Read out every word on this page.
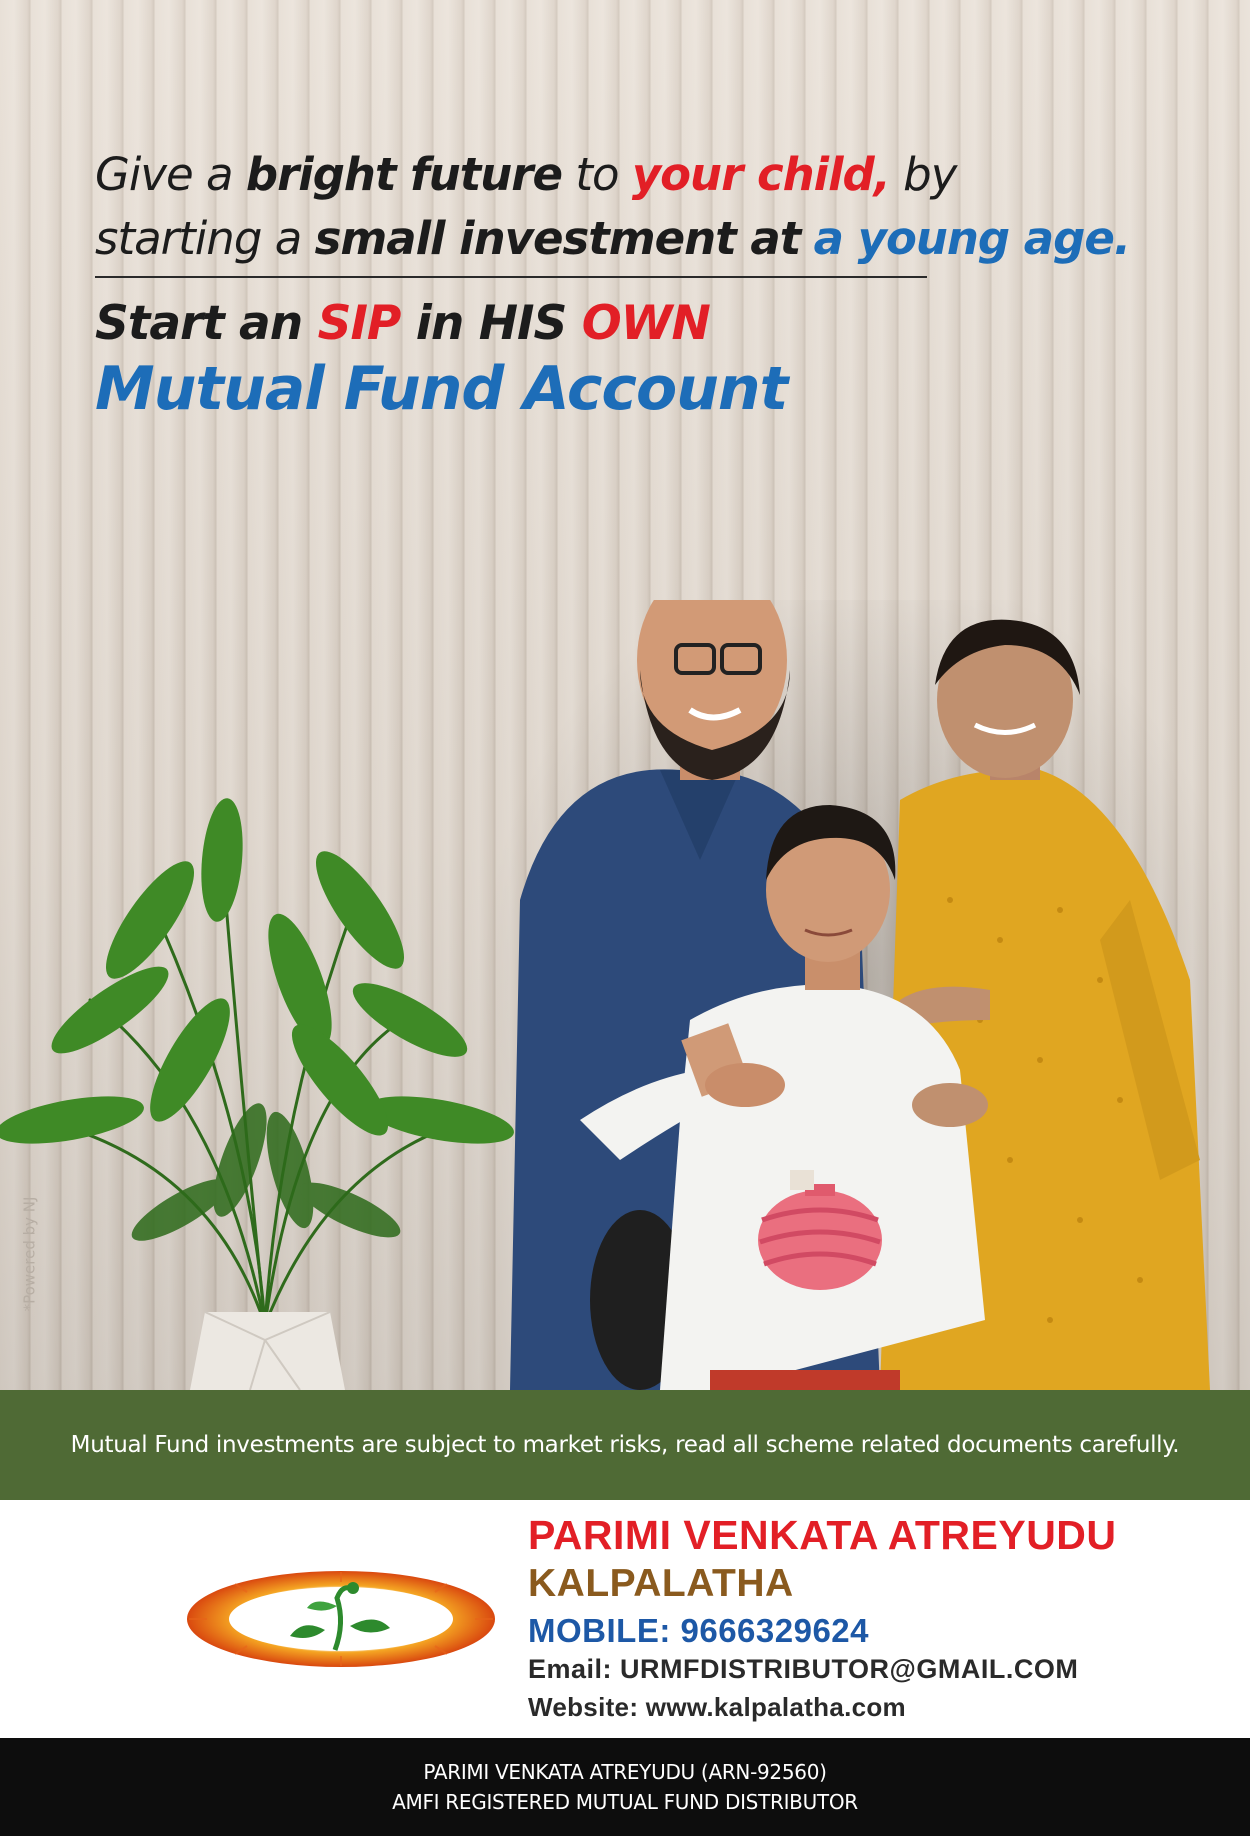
Give a bright future to your child, by
starting a small investment at a young age.
Start an SIP in HIS OWN
Mutual Fund Account
*Powered by NJ
Mutual Fund investments are subject to market risks, read all scheme related documents carefully.
PARIMI VENKATA ATREYUDU
KALPALATHA
MOBILE: 9666329624
Email: URMFDISTRIBUTOR@GMAIL.COM
Website: www.kalpalatha.com
PARIMI VENKATA ATREYUDU (ARN-92560)
AMFI REGISTERED MUTUAL FUND DISTRIBUTOR
